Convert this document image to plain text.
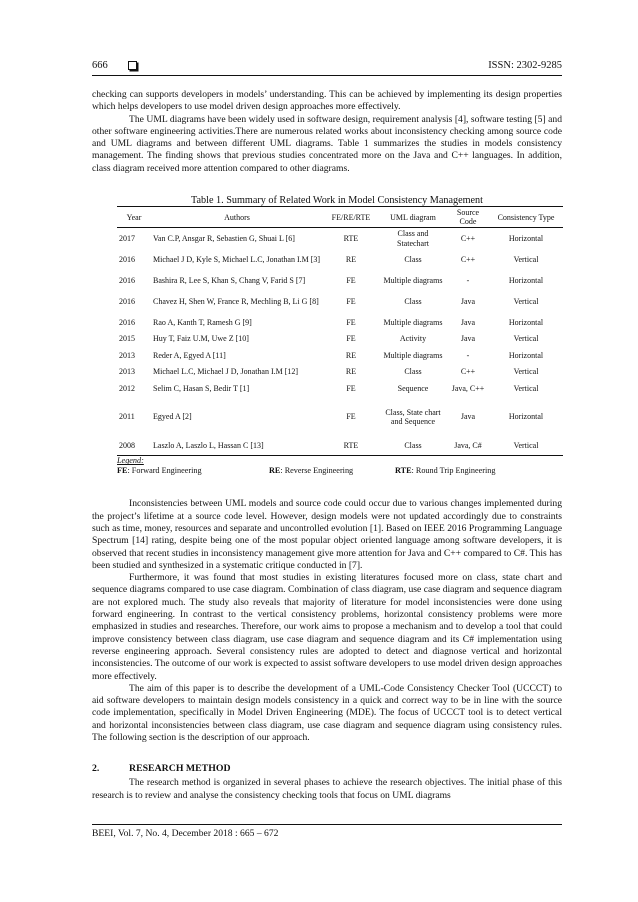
666	ISSN: 2302-9285

checking can supports developers in models’ understanding. This can be achieved by implementing its design properties which helps developers to use model driven design approaches more effectively.

The UML diagrams have been widely used in software design, requirement analysis [4], software testing [5] and other software engineering activities.There are numerous related works about inconsistency checking among source code and UML diagrams and between different UML diagrams. Table 1 summarizes the studies in models consistency management. The finding shows that previous studies concentrated more on the Java and C++ languages. In addition, class diagram received more attention compared to other diagrams.

Table 1. Summary of Related Work in Model Consistency Management
Year	Authors	FE/RE/RTE	UML diagram	Source Code	Consistency Type
2017	Van C.P, Ansgar R, Sebastien G, Shuai L [6]	RTE	Class and Statechart	C++	Horizontal
2016	Michael J D, Kyle S, Michael L.C, Jonathan I.M [3]	RE	Class	C++	Vertical
2016	Bashira R, Lee S, Khan S, Chang V, Farid S [7]	FE	Multiple diagrams	-	Horizontal
2016	Chavez H, Shen W, France R, Mechling B, Li G [8]	FE	Class	Java	Vertical
2016	Rao A, Kanth T, Ramesh G [9]	FE	Multiple diagrams	Java	Horizontal
2015	Huy T, Faiz U.M, Uwe Z [10]	FE	Activity	Java	Vertical
2013	Reder A, Egyed A [11]	RE	Multiple diagrams	-	Horizontal
2013	Michael L.C, Michael J D, Jonathan I.M [12]	RE	Class	C++	Vertical
2012	Selim C, Hasan S, Bedir T [1]	FE	Sequence	Java, C++	Vertical
2011	Egyed A [2]	FE	Class, State chart and Sequence	Java	Horizontal
2008	Laszlo A, Laszlo L, Hassan C [13]	RTE	Class	Java, C#	Vertical
Legend:
FE: Forward Engineering	RE: Reverse Engineering	RTE: Round Trip Engineering

Inconsistencies between UML models and source code could occur due to various changes implemented during the project’s lifetime at a source code level. However, design models were not updated accordingly due to constraints such as time, money, resources and separate and uncontrolled evolution [1]. Based on IEEE 2016 Programming Language Spectrum [14] rating, despite being one of the most popular object oriented language among software developers, it is observed that recent studies in inconsistency management give more attention for Java and C++ compared to C#. This has been studied and synthesized in a systematic critique conducted in [7].

Furthermore, it was found that most studies in existing literatures focused more on class, state chart and sequence diagrams compared to use case diagram. Combination of class diagram, use case diagram and sequence diagram are not explored much. The study also reveals that majority of literature for model inconsistencies were done using forward engineering. In contrast to the vertical consistency problems, horizontal consistency problems were more emphasized in studies and researches. Therefore, our work aims to propose a mechanism and to develop a tool that could improve consistency between class diagram, use case diagram and sequence diagram and its C# implementation using reverse engineering approach. Several consistency rules are adopted to detect and diagnose vertical and horizontal inconsistencies. The outcome of our work is expected to assist software developers to use model driven design approaches more effectively.

The aim of this paper is to describe the development of a UML-Code Consistency Checker Tool (UCCCT) to aid software developers to maintain design models consistency in a quick and correct way to be in line with the source code implementation, specifically in Model Driven Engineering (MDE). The focus of UCCCT tool is to detect vertical and horizontal inconsistencies between class diagram, use case diagram and sequence diagram using consistency rules. The following section is the description of our approach.

2.	RESEARCH METHOD

The research method is organized in several phases to achieve the research objectives. The initial phase of this research is to review and analyse the consistency checking tools that focus on UML diagrams

BEEI, Vol. 7, No. 4, December 2018 : 665 – 672
